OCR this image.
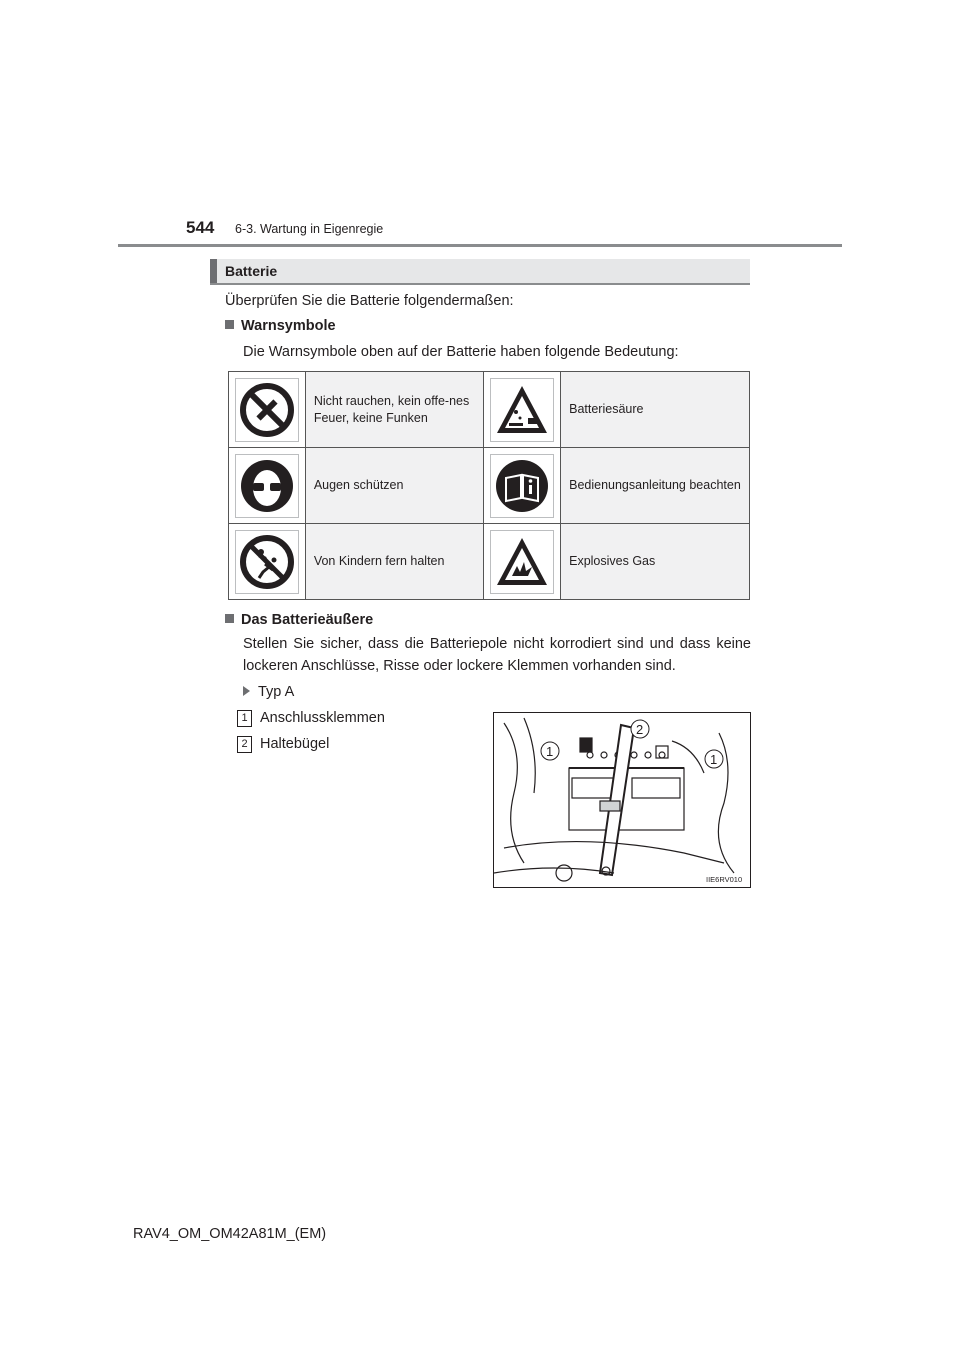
544 6-3. Wartung in Eigenregie
Batterie
Überprüfen Sie die Batterie folgendermaßen:
Warnsymbole
Die Warnsymbole oben auf der Batterie haben folgende Bedeutung:
	Nicht rauchen, kein offe-nes Feuer, keine Funken		Batteriesäure

	Augen schützen		Bedienungsanleitung beachten

	Von Kindern fern halten		Explosives Gas
Das Batterieäußere
Stellen Sie sicher, dass die Batteriepole nicht korrodiert sind und dass keine lockeren Anschlüsse, Risse oder lockere Klemmen vorhanden sind.
Typ A
1 Anschlussklemmen
2 Haltebügel	1
2
1
IIE6RV010
RAV4_OM_OM42A81M_(EM)
